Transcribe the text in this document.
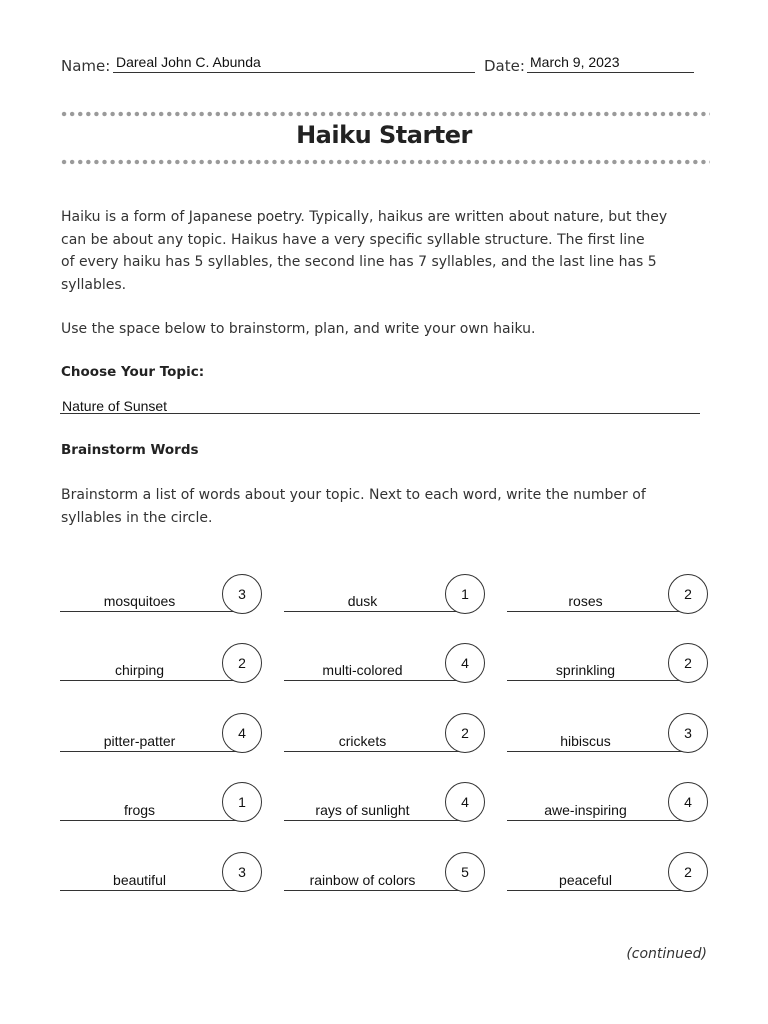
Name: Dareal John C. Abunda	Date: March 9, 2023
Haiku Starter
Haiku is a form of Japanese poetry. Typically, haikus are written about nature, but they
can be about any topic. Haikus have a very specific syllable structure. The first line
of every haiku has 5 syllables, the second line has 7 syllables, and the last line has 5
syllables.
Use the space below to brainstorm, plan, and write your own haiku.
Choose Your Topic:
Nature of Sunset
Brainstorm Words
Brainstorm a list of words about your topic. Next to each word, write the number of
syllables in the circle.
mosquitoes	3	dusk	1	roses	2
chirping	2	multi-colored	4	sprinkling	2
pitter-patter	4	crickets	2	hibiscus	3
frogs	1	rays of sunlight	4	awe-inspiring	4
beautiful	3	rainbow of colors	5	peaceful	2
(continued)
